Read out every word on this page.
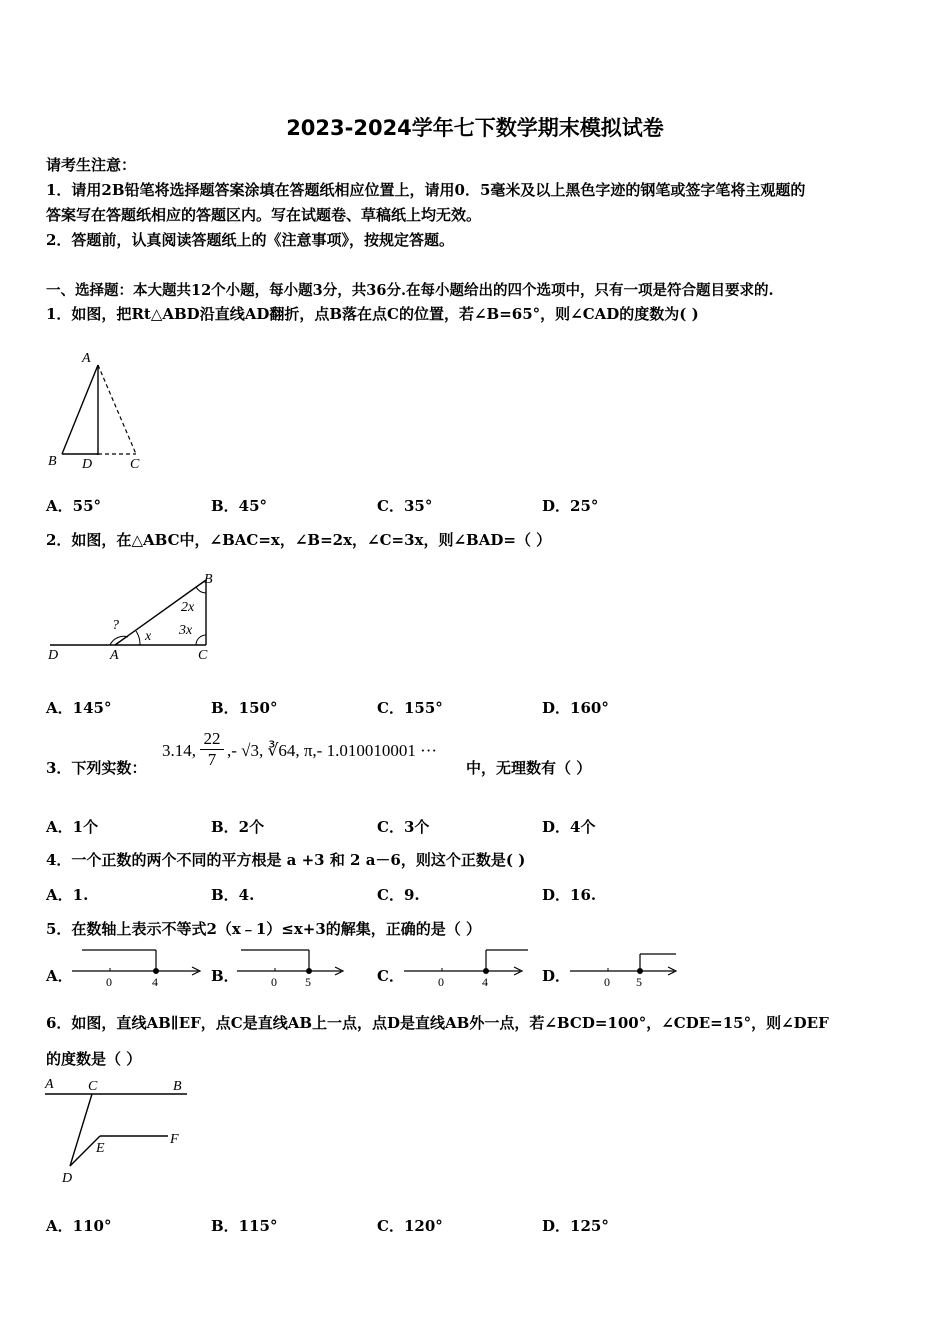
2023-2024学年七下数学期末模拟试卷
请考生注意：
1．请用2B铅笔将选择题答案涂填在答题纸相应位置上，请用0．5毫米及以上黑色字迹的钢笔或签字笔将主观题的
答案写在答题纸相应的答题区内。写在试题卷、草稿纸上均无效。
2．答题前，认真阅读答题纸上的《注意事项》，按规定答题。
一、选择题：本大题共12个小题，每小题3分，共36分.在每小题给出的四个选项中，只有一项是符合题目要求的.
1．如图，把Rt△ABD沿直线AD翻折，点B落在点C的位置，若∠B=65°，则∠CAD的度数为( )
A
B D	C
A．55°	B．45°	C．35°	D．25°
2．如图，在△ABC中，∠BAC=x，∠B=2x，∠C=3x，则∠BAD=（ ）
B
2x
?	3x
x
D	A	C
A．145°	B．150°	C．155°	D．160°
3．下列实数：
3.14,
22
7 ,- √3, ∛64, π,- 1.010010001 ···
中，无理数有（ ）
A．1个	B．2个	C．3个	D．4个
4．一个正数的两个不同的平方根是 a +3 和 2 a－6，则这个正数是( )
A．1.	B．4.	C．9.	D．16.
5．在数轴上表示不等式2（x﹣1）≤x+3的解集，正确的是（ ）
A．	0	4	B．	0 5	C．	0	4	D．	0 5
6．如图，直线AB∥EF，点C是直线AB上一点，点D是直线AB外一点，若∠BCD=100°，∠CDE=15°，则∠DEF
的度数是（ ）
A C	B
E
F
D
A．110°	B．115°	C．120°	D．125°
